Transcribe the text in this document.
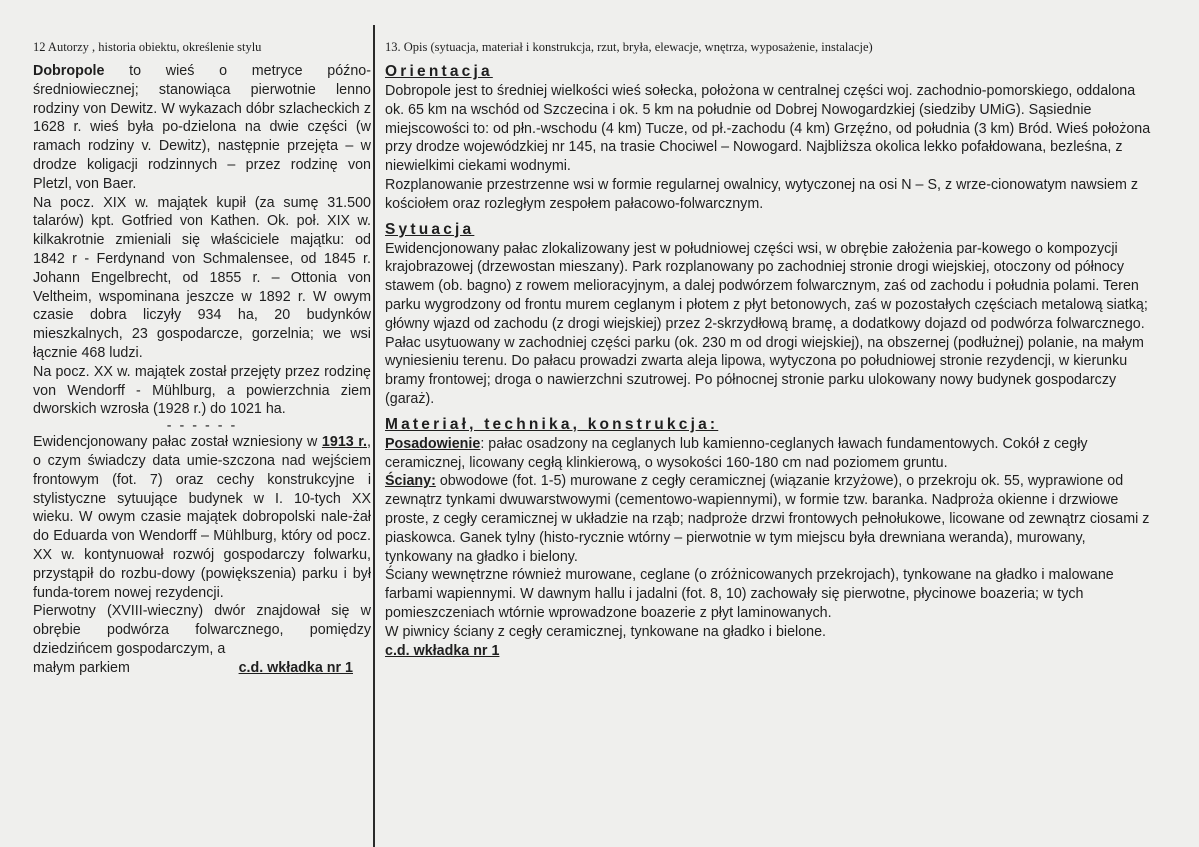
12 Autorzy , historia obiektu, określenie stylu

Dobropole to wieś o metryce późno-średniowiecznej; stanowiąca pierwotnie lenno rodziny von Dewitz. W wykazach dóbr szlacheckich z 1628 r. wieś była po-dzielona na dwie części (w ramach rodziny v. Dewitz), następnie przejęta – w drodze koligacji rodzinnych – przez rodzinę von Pletzl, von Baer.

Na pocz. XIX w. majątek kupił (za sumę 31.500 talarów) kpt. Gotfried von Kathen. Ok. poł. XIX w. kilkakrotnie zmieniali się właściciele majątku: od 1842 r - Ferdynand von Schmalensee, od 1845 r. Johann Engelbrecht, od 1855 r. – Ottonia von Veltheim, wspominana jeszcze w 1892 r. W owym czasie dobra liczyły 934 ha, 20 budynków mieszkalnych, 23 gospodarcze, gorzelnia; we wsi łącznie 468 ludzi.

Na pocz. XX w. majątek został przejęty przez rodzinę von Wendorff - Mühlburg, a powierzchnia ziem dworskich wzrosła (1928 r.) do 1021 ha.

- - - - - -

Ewidencjonowany pałac został wzniesiony w 1913 r., o czym świadczy data umie-szczona nad wejściem frontowym (fot. 7) oraz cechy konstrukcyjne i stylistyczne sytuujące budynek w I. 10-tych XX wieku. W owym czasie majątek dobropolski nale-żał do Eduarda von Wendorff – Mühlburg, który od pocz. XX w. kontynuował rozwój gospodarczy folwarku, przystąpił do rozbu-dowy (powiększenia) parku i był funda-torem nowej rezydencji.

Pierwotny (XVIII-wieczny) dwór znajdował się w obrębie podwórza folwarcznego, pomiędzy dziedzińcem gospodarczym, a

małym parkiem	c.d. wkładka nr 1

13. Opis (sytuacja, materiał i konstrukcja, rzut, bryła, elewacje, wnętrza, wyposażenie, instalacje)
Orientacja

Dobropole jest to średniej wielkości wieś sołecka, położona w centralnej części woj. zachodnio-pomorskiego, oddalona ok. 65 km na wschód od Szczecina i ok. 5 km na południe od Dobrej Nowogardzkiej (siedziby UMiG). Sąsiednie miejscowości to: od płn.-wschodu (4 km) Tucze, od pł.-zachodu (4 km) Grzęźno, od południa (3 km) Bród. Wieś położona przy drodze wojewódzkiej nr 145, na trasie Chociwel – Nowogard. Najbliższa okolica lekko pofałdowana, bezleśna, z niewielkimi ciekami wodnymi.

Rozplanowanie przestrzenne wsi w formie regularnej owalnicy, wytyczonej na osi N – S, z wrze-cionowatym nawsiem z kościołem oraz rozległym zespołem pałacowo-folwarcznym.

Sytuacja

Ewidencjonowany pałac zlokalizowany jest w południowej części wsi, w obrębie założenia par-kowego o kompozycji krajobrazowej (drzewostan mieszany). Park rozplanowany po zachodniej stronie drogi wiejskiej, otoczony od północy stawem (ob. bagno) z rowem melioracyjnym, a dalej podwórzem folwarcznym, zaś od zachodu i południa polami. Teren parku wygrodzony od frontu murem ceglanym i płotem z płyt betonowych, zaś w pozostałych częściach metalową siatką; główny wjazd od zachodu (z drogi wiejskiej) przez 2-skrzydłową bramę, a dodatkowy dojazd od podwórza folwarcznego.

Pałac usytuowany w zachodniej części parku (ok. 230 m od drogi wiejskiej), na obszernej (podłużnej) polanie, na małym wyniesieniu terenu. Do pałacu prowadzi zwarta aleja lipowa, wytyczona po południowej stronie rezydencji, w kierunku bramy frontowej; droga o nawierzchni szutrowej. Po północnej stronie parku ulokowany nowy budynek gospodarczy (garaż).

Materiał, technika, konstrukcja:

Posadowienie: pałac osadzony na ceglanych lub kamienno-ceglanych ławach fundamentowych. Cokół z cegły ceramicznej, licowany cegłą klinkierową, o wysokości 160-180 cm nad poziomem gruntu.

Ściany: obwodowe (fot. 1-5) murowane z cegły ceramicznej (wiązanie krzyżowe), o przekroju ok. 55, wyprawione od zewnątrz tynkami dwuwarstwowymi (cementowo-wapiennymi), w formie tzw. baranka. Nadproża okienne i drzwiowe proste, z cegły ceramicznej w układzie na rząb; nadproże drzwi frontowych pełnołukowe, licowane od zewnątrz ciosami z piaskowca. Ganek tylny (histo-rycznie wtórny – pierwotnie w tym miejscu była drewniana weranda), murowany, tynkowany na gładko i bielony.

Ściany wewnętrzne również murowane, ceglane (o zróżnicowanych przekrojach), tynkowane na gładko i malowane farbami wapiennymi. W dawnym hallu i jadalni (fot. 8, 10) zachowały się pierwotne, płycinowe boazeria; w tych pomieszczeniach wtórnie wprowadzone boazerie z płyt laminowanych.

W piwnicy ściany z cegły ceramicznej, tynkowane na gładko i bielone.

c.d. wkładka nr 1
